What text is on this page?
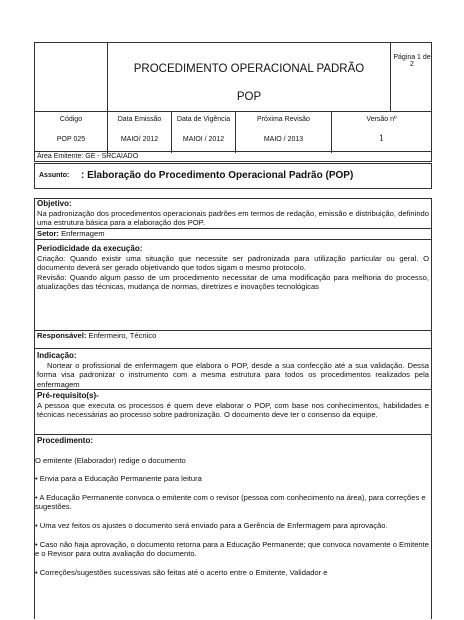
PROCEDIMENTO OPERACIONAL PADRÃO
POP
Página 1 de 2
Código
POP 025
Data Emissão
MAIO/ 2012
Data de Vigência
MAIOI / 2012
Próxima Revisão
MAIO / 2013
Versão nº
1
Área Emitente: GE - SRCAIADO
Assunto: : Elaboração do Procedimento Operacional Padrão (POP)
Objetivo:
Na padronização dos procedimentos operacionais padrões em termos de redação, emissão e distribuição, definindo uma estrutura básica para a elaboração dos POP.
Setor: Enfermagem
Periodicidade da execução:
Criação: Quando existir uma situação que necessite ser padronizada para utilização particular ou geral. O documento deverá ser gerado objetivando que todos sigam o mesmo protocolo.
Revisão: Quando algum passo de um procedimento necessitar de uma modificação para melhoria do processo, atualizações das técnicas, mudança de normas, diretrizes e inovações tecnológicas
Responsável: Enfermeiro, Técnico
Indicação:
Nortear o profissional de enfermagem que elabora o POP, desde a sua confecção até a sua validação. Dessa forma visa padronizar o instrumento com a mesma estrutura para todos os procedimentos realizados pela enfermagem
Pré-requisito(s)-
A pessoa que executa os processos é quem deve elaborar o POP, com base nos conhecimentos, habilidades e técnicas necessárias ao processo sobre padronização. O documento deve ter o consenso da equipe.
Procedimento:

O emitente (Elaborador) redige o documento

• Envia para a Educação Permanente para leitura

• A Educação Permanente convoca o emitente com o revisor (pessoa com conhecimento na área), para correções e sugestões.

• Uma vez feitos os ajustes o documento será enviado para a Gerência de Enfermagem para aprovação.

• Caso não haja aprovação, o documento retorna para a Educação Permanente; que convoca novamente o Emitente e o Revisor para outra avaliação do documento.

• Correções/sugestões sucessivas são feitas até o acerto entre o Emitente, Validador e
